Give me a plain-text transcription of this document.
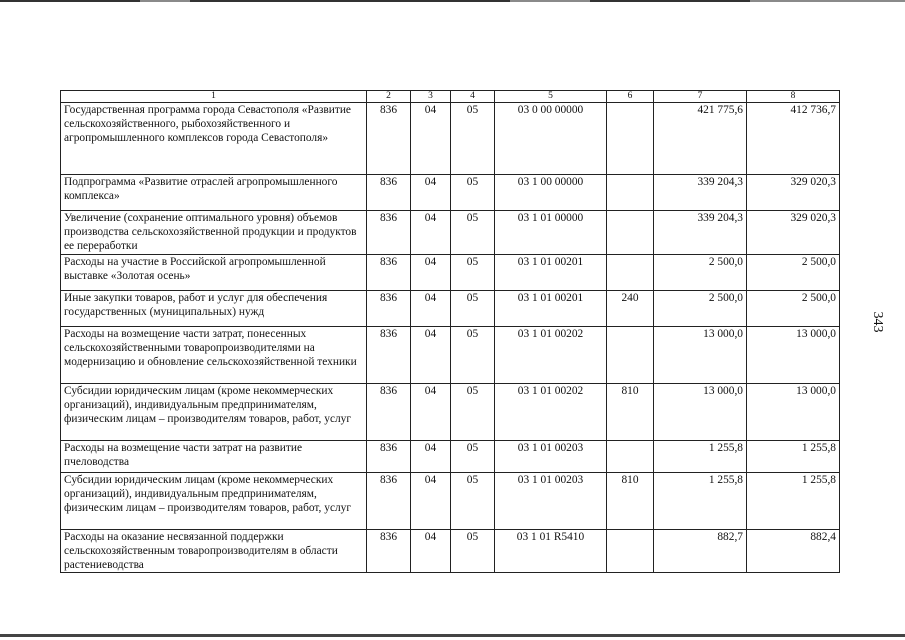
343
1	2	3	4	5	6	7	8
Государственная программа города Севастополя «Развитие сельскохозяйственного, рыбохозяйственного и агропромышленного комплексов города Севастополя»	836	04	05	03 0 00 00000		421 775,6	412 736,7
Подпрограмма «Развитие отраслей агропромышленного комплекса»	836	04	05	03 1 00 00000		339 204,3	329 020,3
Увеличение (сохранение оптимального уровня) объемов производства сельскохозяйственной продукции и продуктов ее переработки	836	04	05	03 1 01 00000		339 204,3	329 020,3
Расходы на участие в Российской агропромышленной выставке «Золотая осень»	836	04	05	03 1 01 00201		2 500,0	2 500,0
Иные закупки товаров, работ и услуг для обеспечения государственных (муниципальных) нужд	836	04	05	03 1 01 00201	240	2 500,0	2 500,0
Расходы на возмещение части затрат, понесенных сельскохозяйственными товаропроизводителями на модернизацию и обновление сельскохозяйственной техники	836	04	05	03 1 01 00202		13 000,0	13 000,0
Субсидии юридическим лицам (кроме некоммерческих организаций), индивидуальным предпринимателям, физическим лицам – производителям товаров, работ, услуг	836	04	05	03 1 01 00202	810	13 000,0	13 000,0
Расходы на возмещение части затрат на развитие пчеловодства	836	04	05	03 1 01 00203		1 255,8	1 255,8
Субсидии юридическим лицам (кроме некоммерческих организаций), индивидуальным предпринимателям, физическим лицам – производителям товаров, работ, услуг	836	04	05	03 1 01 00203	810	1 255,8	1 255,8
Расходы на оказание несвязанной поддержки сельскохозяйственным товаропроизводителям в области растениеводства	836	04	05	03 1 01 R5410		882,7	882,4
